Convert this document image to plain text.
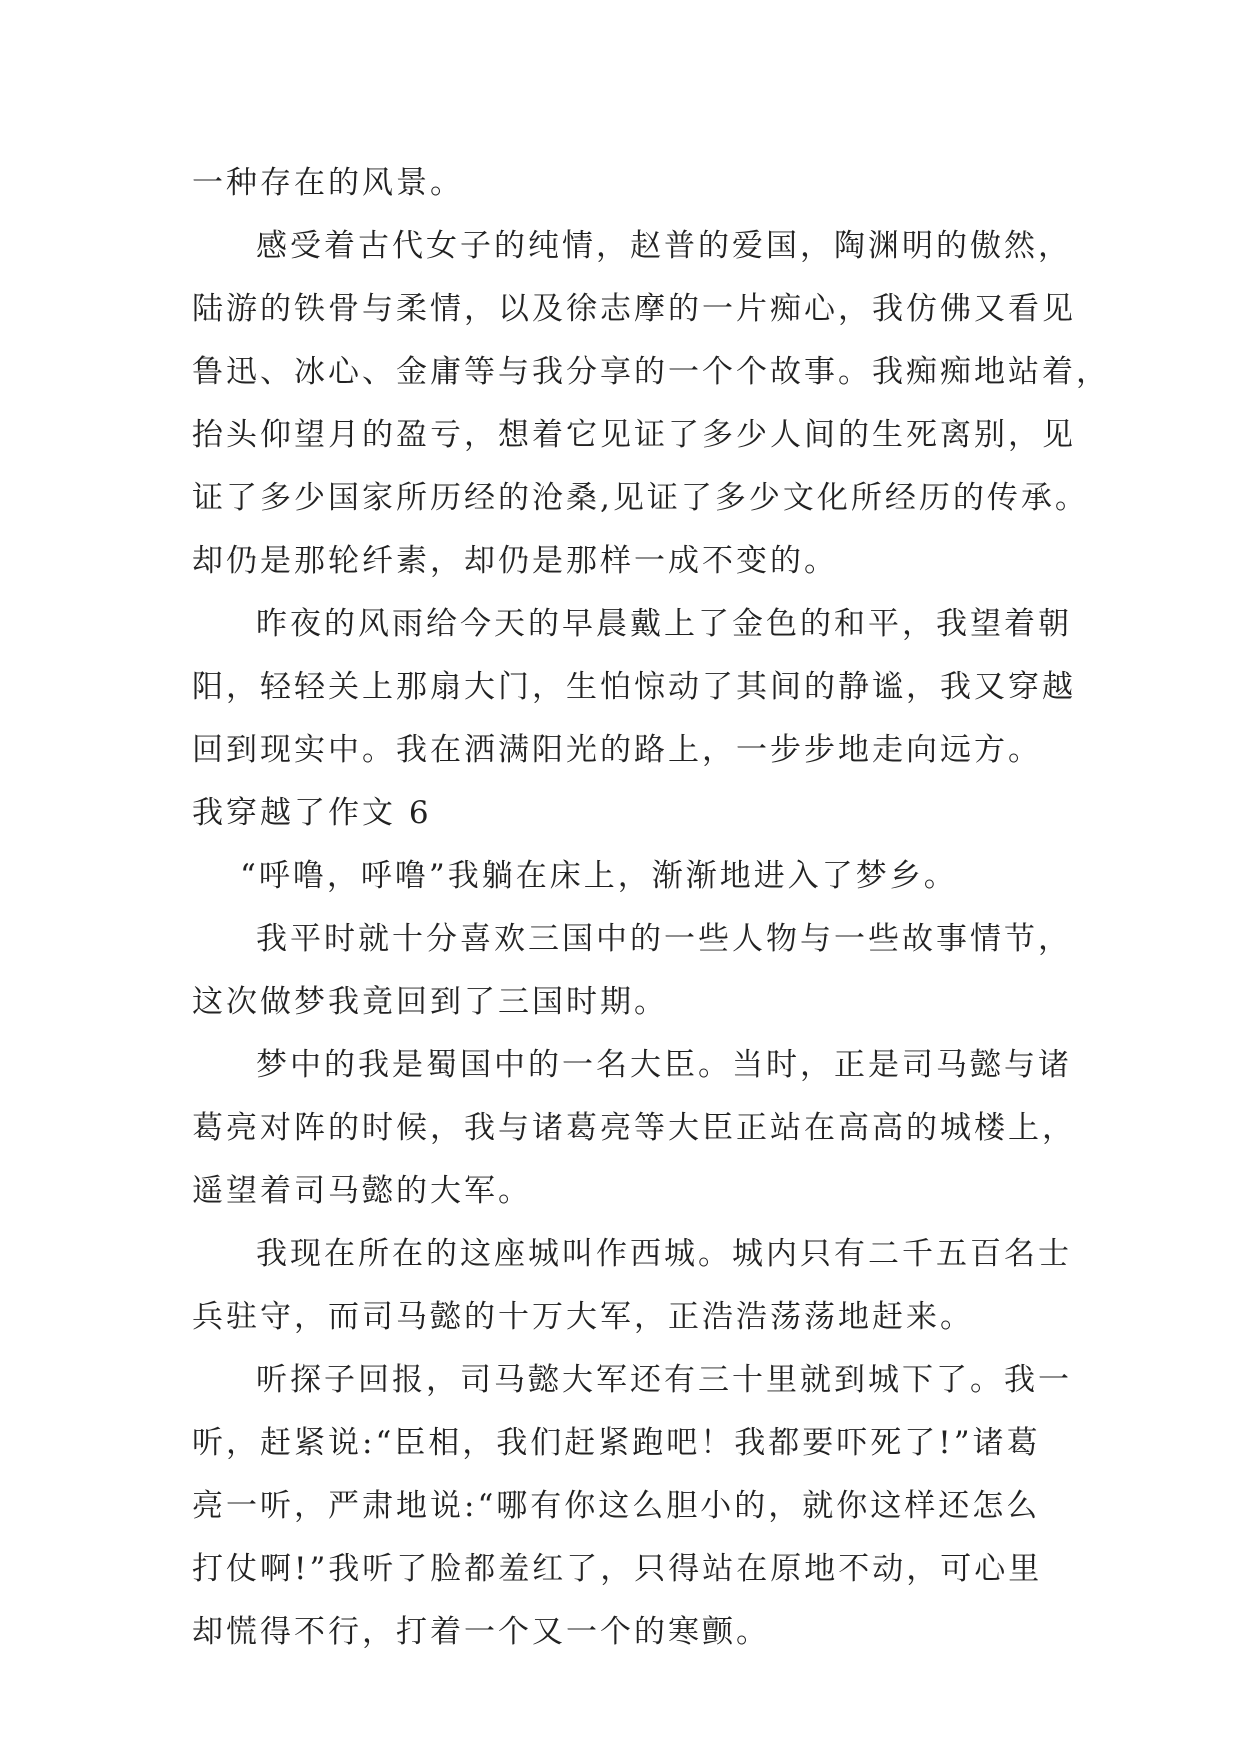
一种存在的风景。
感受着古代女子的纯情，赵普的爱国，陶渊明的傲然，
陆游的铁骨与柔情，以及徐志摩的一片痴心，我仿佛又看见
鲁迅、冰心、金庸等与我分享的一个个故事。我痴痴地站着，
抬头仰望月的盈亏，想着它见证了多少人间的生死离别，见
证了多少国家所历经的沧桑,见证了多少文化所经历的传承。
却仍是那轮纤素，却仍是那样一成不变的。
昨夜的风雨给今天的早晨戴上了金色的和平，我望着朝
阳，轻轻关上那扇大门，生怕惊动了其间的静谧，我又穿越
回到现实中。我在洒满阳光的路上，一步步地走向远方。
我穿越了作文 6
“呼噜，呼噜”我躺在床上，渐渐地进入了梦乡。
我平时就十分喜欢三国中的一些人物与一些故事情节，
这次做梦我竟回到了三国时期。
梦中的我是蜀国中的一名大臣。当时，正是司马懿与诸
葛亮对阵的时候，我与诸葛亮等大臣正站在高高的城楼上，
遥望着司马懿的大军。
我现在所在的这座城叫作西城。城内只有二千五百名士
兵驻守，而司马懿的十万大军，正浩浩荡荡地赶来。
听探子回报，司马懿大军还有三十里就到城下了。我一
听，赶紧说:“臣相，我们赶紧跑吧！我都要吓死了!”诸葛
亮一听，严肃地说:“哪有你这么胆小的，就你这样还怎么
打仗啊!”我听了脸都羞红了，只得站在原地不动，可心里
却慌得不行，打着一个又一个的寒颤。
